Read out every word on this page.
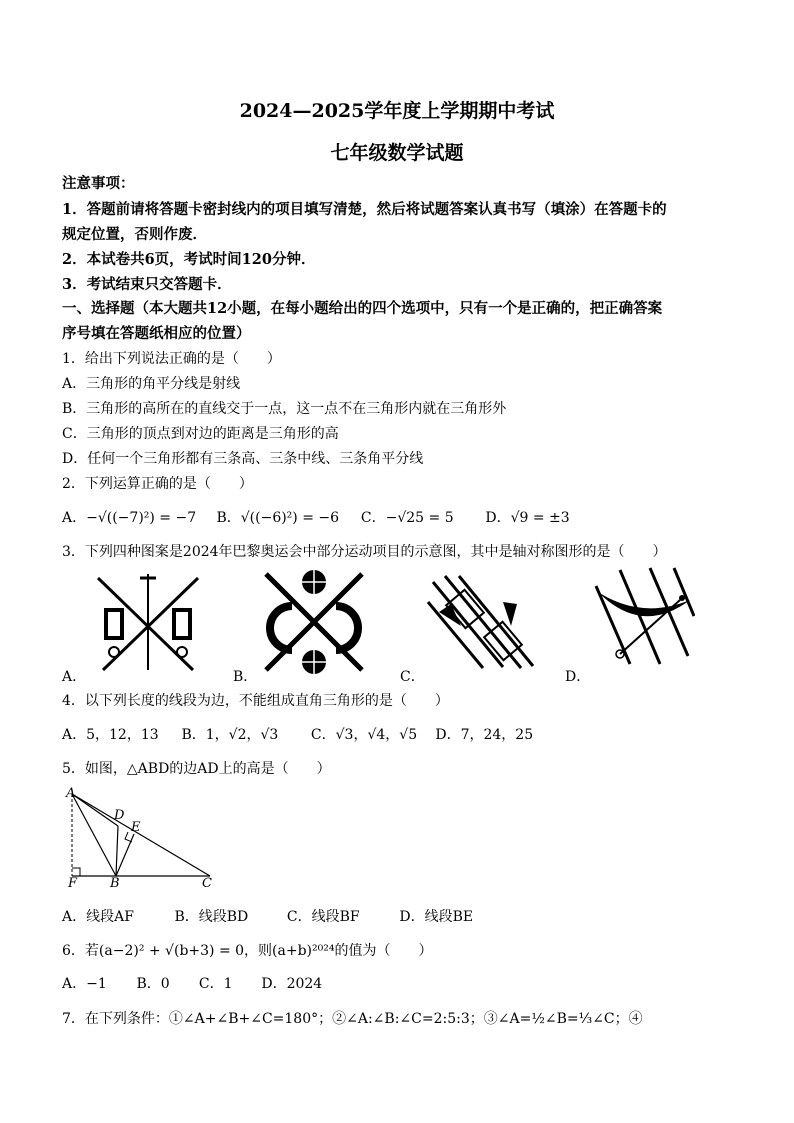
2024—2025学年度上学期期中考试
七年级数学试题
注意事项：
1．答题前请将答题卡密封线内的项目填写清楚，然后将试题答案认真书写（填涂）在答题卡的
规定位置，否则作废．
2．本试卷共6页，考试时间120分钟．
3．考试结束只交答题卡．
一、选择题（本大题共12小题，在每小题给出的四个选项中，只有一个是正确的，把正确答案
序号填在答题纸相应的位置）
1．给出下列说法正确的是（　　）
A．三角形的角平分线是射线
B．三角形的高所在的直线交于一点，这一点不在三角形内就在三角形外
C．三角形的顶点到对边的距离是三角形的高
D．任何一个三角形都有三条高、三条中线、三条角平分线
2．下列运算正确的是（　　）
A．−√((−7)²) = −7 B．√((−6)²) = −6 C．−√25 = 5 D．√9 = ±3
3．下列四种图案是2024年巴黎奥运会中部分运动项目的示意图，其中是轴对称图形的是（　　）
A．	B．	C．	D．
4．以下列长度的线段为边，不能组成直角三角形的是（　　）
A．5，12，13 B．1，√2，√3 C．√3，√4，√5 D．7，24，25
5．如图，△ABD的边AD上的高是（　　）
A
D
E
F	B	C
A．线段AF	B．线段BD	C．线段BF	D．线段BE
6．若(a−2)² + √(b+3) = 0，则(a+b)²⁰²⁴的值为（　　）
A．−1 B．0 C．1 D．2024
7．在下列条件：①∠A+∠B+∠C=180°；②∠A:∠B:∠C=2:5:3；③∠A=½∠B=⅓∠C；④
